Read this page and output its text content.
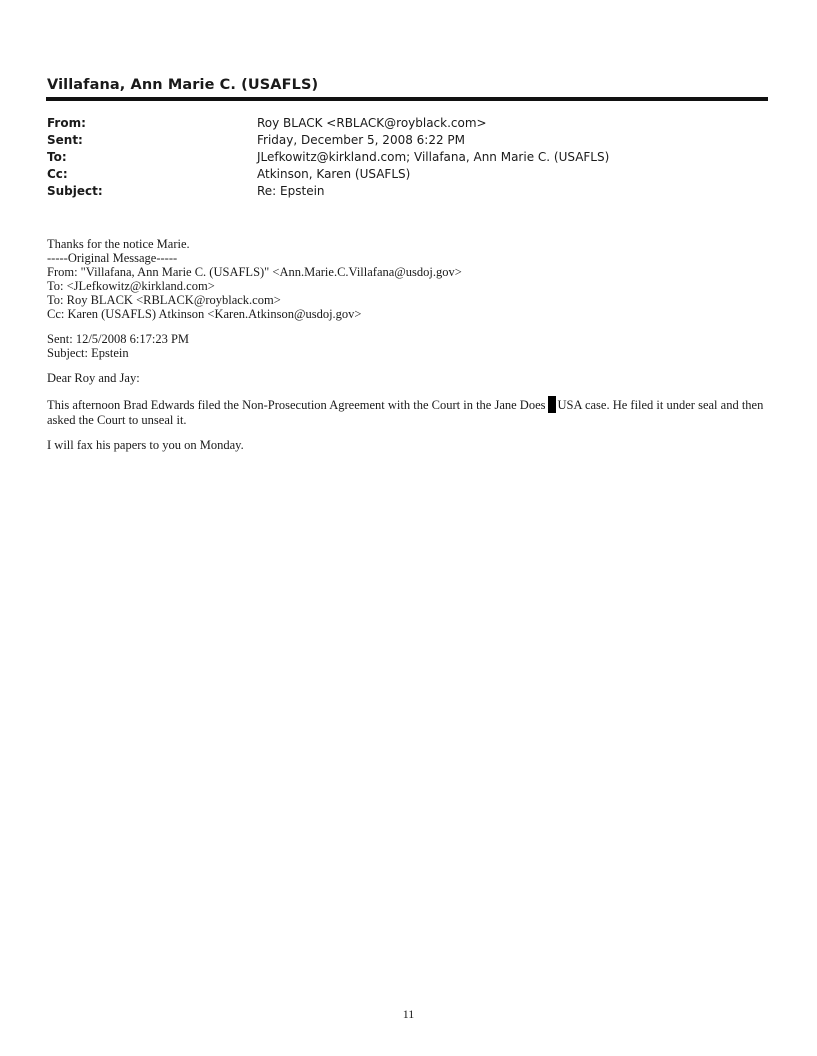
Villafana, Ann Marie C. (USAFLS)
From:	Roy BLACK <RBLACK@royblack.com>
Sent:	Friday, December 5, 2008 6:22 PM
To:	JLefkowitz@kirkland.com; Villafana, Ann Marie C. (USAFLS)
Cc:	Atkinson, Karen (USAFLS)
Subject:	Re: Epstein
Thanks for the notice Marie.
-----Original Message-----
From: "Villafana, Ann Marie C. (USAFLS)" <Ann.Marie.C.Villafana@usdoj.gov>
To: <JLefkowitz@kirkland.com>
To: Roy BLACK <RBLACK@royblack.com>
Cc: Karen (USAFLS) Atkinson <Karen.Atkinson@usdoj.gov>
Sent: 12/5/2008 6:17:23 PM
Subject: Epstein
Dear Roy and Jay:
This afternoon Brad Edwards filed the Non-Prosecution Agreement with the Court in the Jane Does USA case. He filed it under seal and then asked the Court to unseal it.
I will fax his papers to you on Monday.
11
